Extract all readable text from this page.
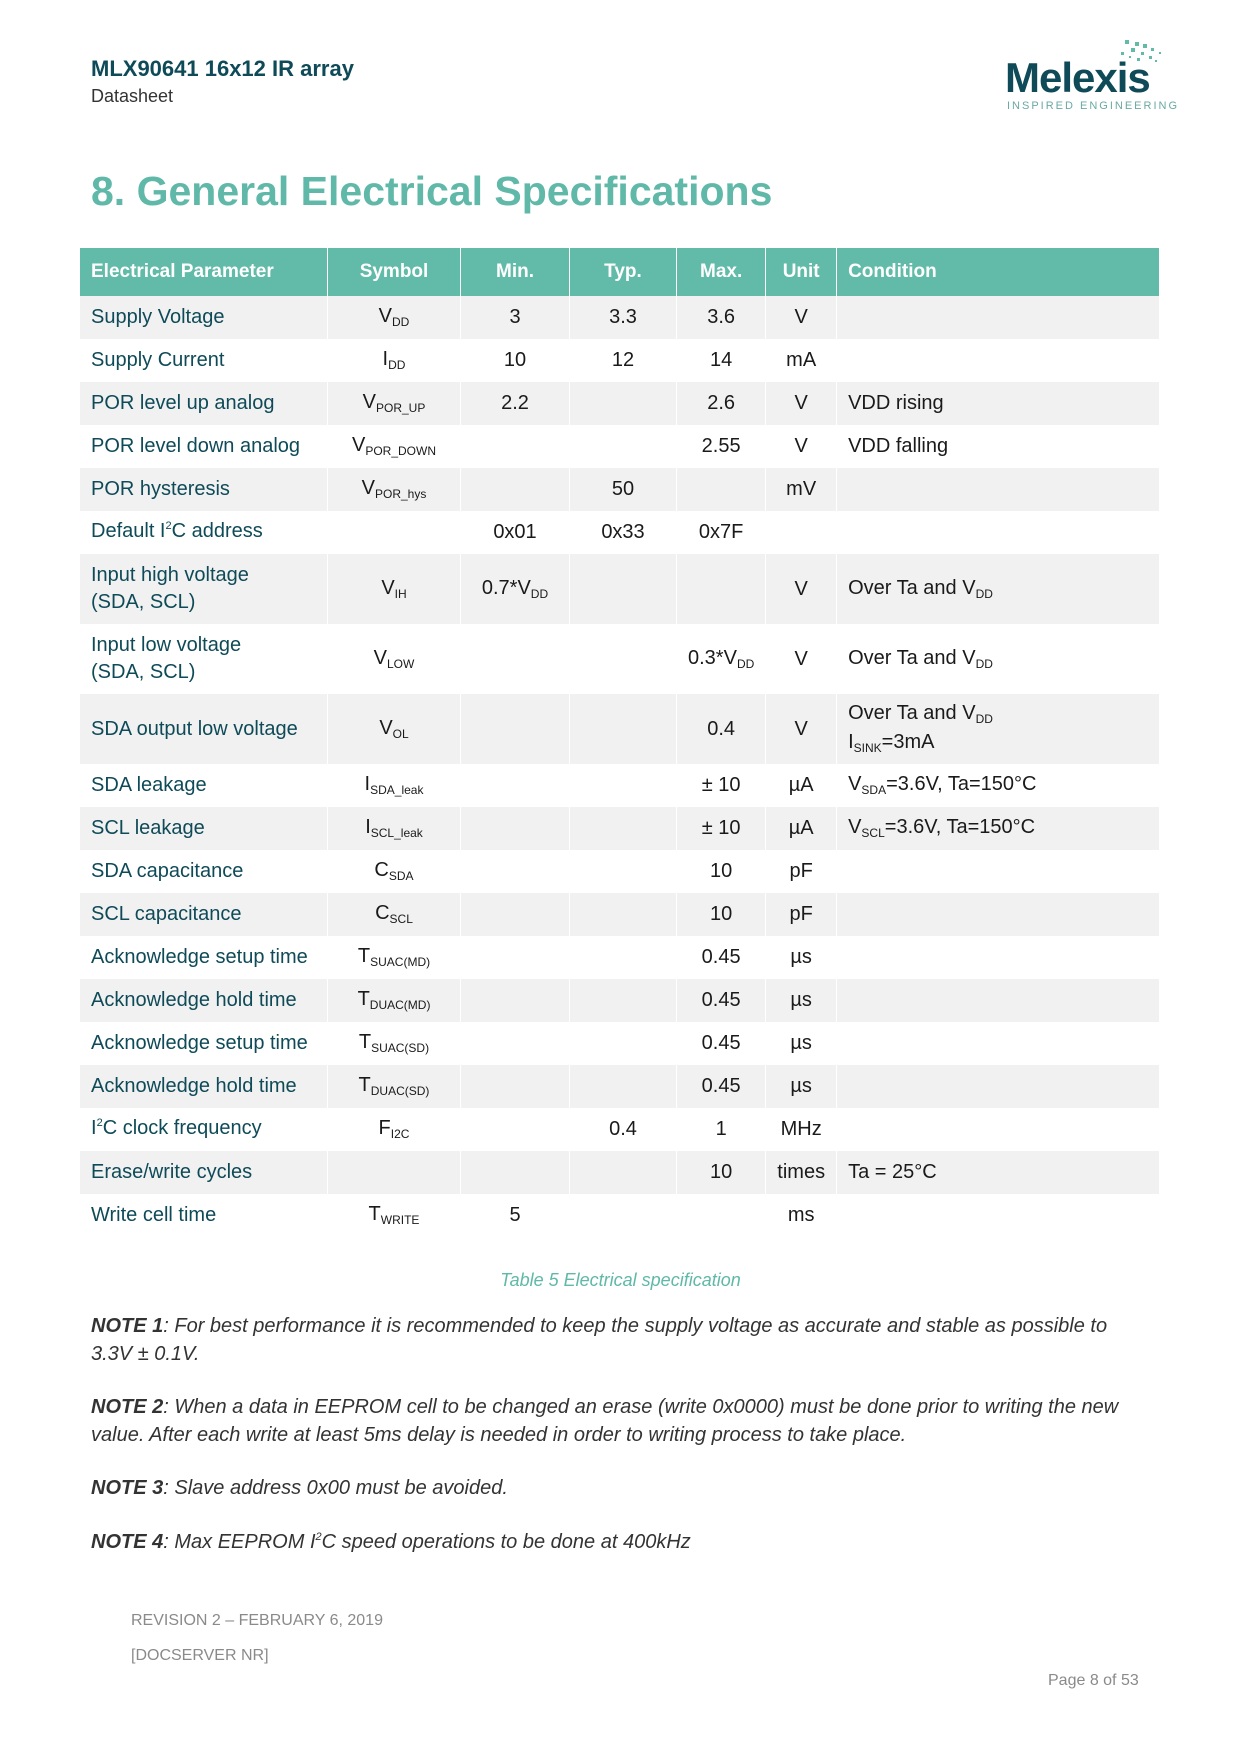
MLX90641 16x12 IR array
Datasheet	Melexis
INSPIRED ENGINEERING
8. General Electrical Specifications
Electrical Parameter	Symbol	Min.	Typ.	Max.	Unit	Condition
Supply Voltage	$V_{DD}$	3	3.3	3.6	V	
Supply Current	$I_{DD}$	10	12	14	mA	
POR level up analog	$V_{POR\_UP}$	2.2		2.6	V	VDD rising
POR level down analog	$V_{POR\_DOWN}$			2.55	V	VDD falling
POR hysteresis	$V_{POR\_hys}$		50		mV	
Default $I^2C$ address		0x01	0x33	0x7F		
Input high voltage
(SDA, SCL)	$V_{IH}$	$0.7*V_{DD}$			V	Over Ta and $V_{DD}$
Input low voltage
(SDA, SCL)	$V_{LOW}$			$0.3*V_{DD}$	V	Over Ta and $V_{DD}$
SDA output low voltage	$V_{OL}$			0.4	V	Over Ta and $V_{DD}$
$I_{SINK}=3mA$
SDA leakage	$I_{SDA\_leak}$			± 10	µA	$V_{SDA}=3.6V$, Ta=150°C
SCL leakage	$I_{SCL\_leak}$			± 10	µA	$V_{SCL}=3.6V$, Ta=150°C
SDA capacitance	$C_{SDA}$			10	pF	
SCL capacitance	$C_{SCL}$			10	pF	
Acknowledge setup time	$T_{SUAC(MD)}$			0.45	µs	
Acknowledge hold time	$T_{DUAC(MD)}$			0.45	µs	
Acknowledge setup time	$T_{SUAC(SD)}$			0.45	µs	
Acknowledge hold time	$T_{DUAC(SD)}$			0.45	µs	
$I^2C$ clock frequency	$F_{I2C}$		0.4	1	MHz	
Erase/write cycles				10	times	Ta = 25°C
Write cell time	$T_{WRITE}$	5			ms	
Table 5 Electrical specification
NOTE 1: For best performance it is recommended to keep the supply voltage as accurate and stable as possible to 3.3V ± 0.1V.
NOTE 2: When a data in EEPROM cell to be changed an erase (write 0x0000) must be done prior to writing the new value. After each write at least 5ms delay is needed in order to writing process to take place.
NOTE 3: Slave address 0x00 must be avoided.
NOTE 4: Max EEPROM $I^2C$ speed operations to be done at 400kHz
REVISION 2 – FEBRUARY 6, 2019
[DOCSERVER NR]
Page 8 of 53
